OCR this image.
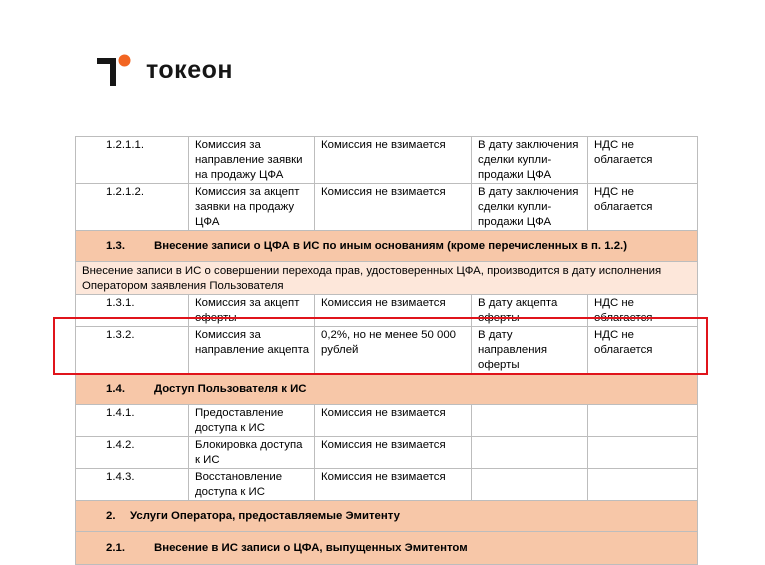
токеон
1.2.1.1.	Комиссия за направление заявки на продажу ЦФА	Комиссия не взимается	В дату заключения сделки купли-продажи ЦФА	НДС не облагается
1.2.1.2.	Комиссия за акцепт заявки на продажу ЦФА	Комиссия не взимается	В дату заключения сделки купли-продажи ЦФА	НДС не облагается
1.3. Внесение записи о ЦФА в ИС по иным основаниям (кроме перечисленных в п. 1.2.)				
Внесение записи в ИС о совершении перехода прав, удостоверенных ЦФА, производится в дату исполнения Оператором заявления Пользователя				
1.3.1.	Комиссия за акцепт оферты	Комиссия не взимается	В дату акцепта оферты	НДС не облагается

1.3.2.	Комиссия за направление акцепта	0,2%, но не менее 50 000 рублей	В дату направления оферты	НДС не облагается
1.4. Доступ Пользователя к ИС				
1.4.1.	Предоставление доступа к ИС	Комиссия не взимается		
1.4.2.	Блокировка доступа к ИС	Комиссия не взимается		
1.4.3.	Восстановление доступа к ИС	Комиссия не взимается		
2. Услуги Оператора, предоставляемые Эмитенту				
2.1. Внесение в ИС записи о ЦФА, выпущенных Эмитентом				
